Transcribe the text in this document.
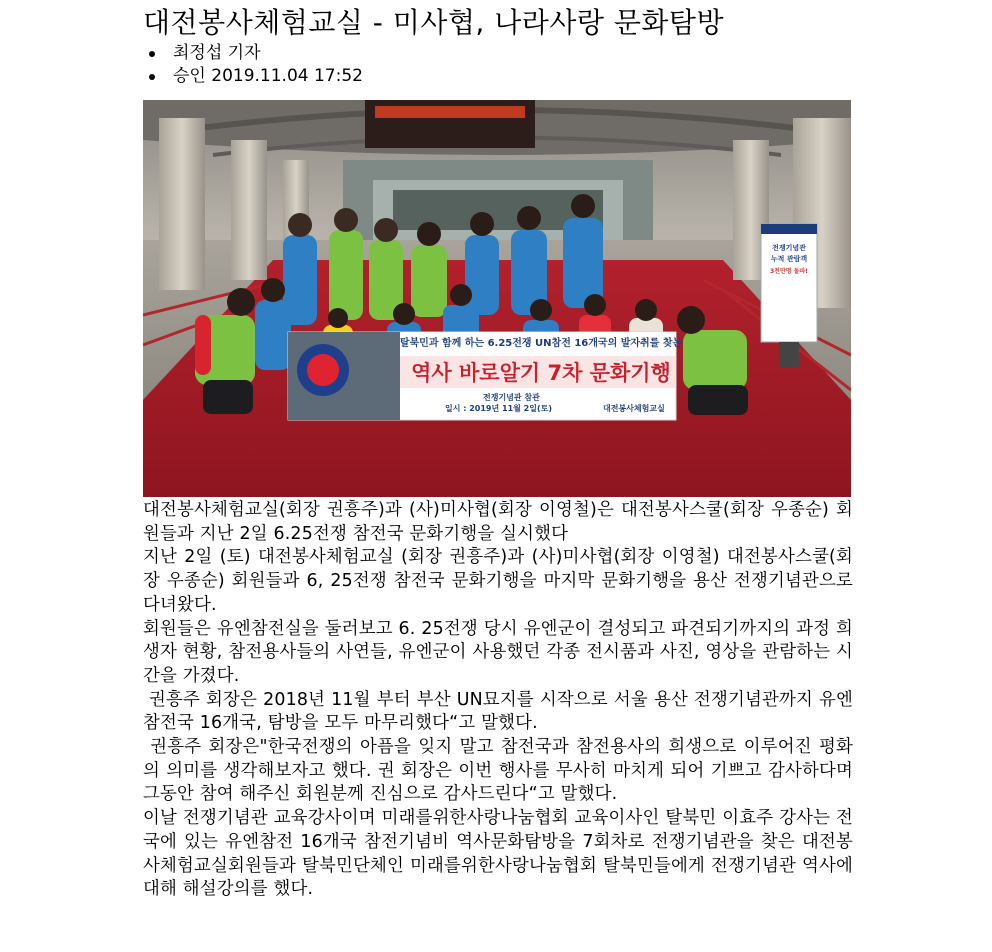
대전봉사체험교실 - 미사협, 나라사랑 문화탐방
최정섭 기자
승인 2019.11.04 17:52
탈북민과 함께 하는 6.25전쟁 UN참전 16개국의 발자취를 찾는
역사 바로알기 7차 문화기행
전쟁기념관 참관
일시 : 2019년 11월 2일(토)	대전봉사체험교실
전쟁기념관
누적 관람객
3천만명 돌파!

대전봉사체험교실(회장 권흥주)과 (사)미사협(회장 이영철)은 대전봉사스쿨(회장 우종순) 회원들과 지난 2일 6.25전쟁 참전국 문화기행을 실시했다

지난 2일 (토) 대전봉사체험교실 (회장 권흥주)과 (사)미사협(회장 이영철) 대전봉사스쿨(회장 우종순) 회원들과 6, 25전쟁 참전국 문화기행을 마지막 문화기행을 용산 전쟁기념관으로 다녀왔다.

회원들은 유엔참전실을 둘러보고 6. 25전쟁 당시 유엔군이 결성되고 파견되기까지의 과정 희생자 현황, 참전용사들의 사연들, 유엔군이 사용했던 각종 전시품과 사진, 영상을 관람하는 시간을 가졌다.

권흥주 회장은 2018년 11월 부터 부산 UN묘지를 시작으로 서울 용산 전쟁기념관까지 유엔참전국 16개국, 탐방을 모두 마무리했다“고 말했다.

권흥주 회장은"한국전쟁의 아픔을 잊지 말고 참전국과 참전용사의 희생으로 이루어진 평화의 의미를 생각해보자고 했다. 권 회장은 이번 행사를 무사히 마치게 되어 기쁘고 감사하다며 그동안 참여 해주신 회원분께 진심으로 감사드린다“고 말했다.

이날 전쟁기념관 교육강사이며 미래를위한사랑나눔협회 교육이사인 탈북민 이효주 강사는 전국에 있는 유엔참전 16개국 참전기념비 역사문화탐방을 7회차로 전쟁기념관을 찾은 대전봉사체험교실회원들과 탈북민단체인 미래를위한사랑나눔협회 탈북민들에게 전쟁기념관 역사에 대해 해설강의를 했다.
